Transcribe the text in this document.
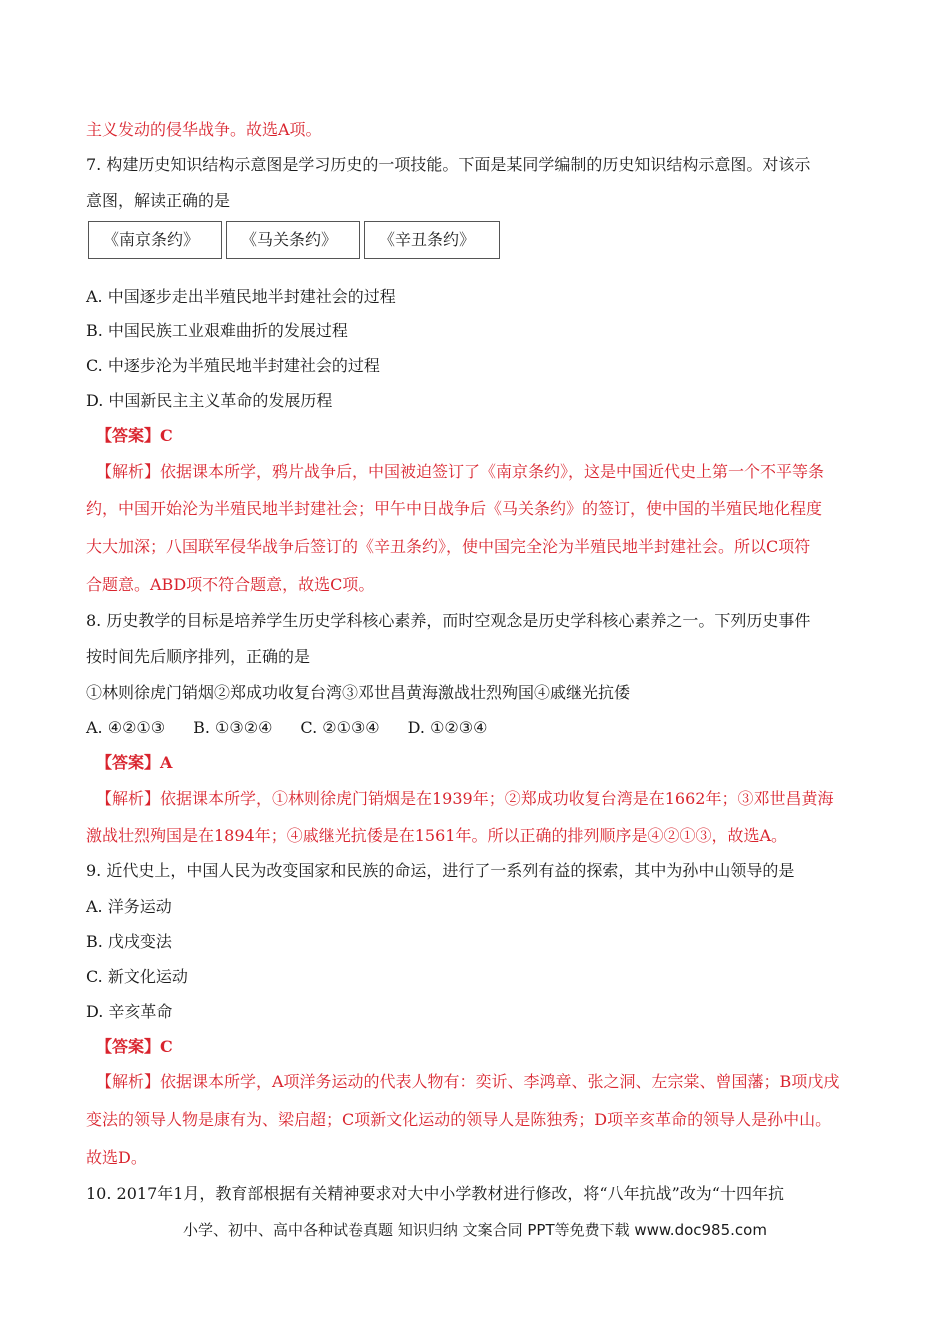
主义发动的侵华战争。故选A项。
7. 构建历史知识结构示意图是学习历史的一项技能。下面是某同学编制的历史知识结构示意图。对该示
意图，解读正确的是
《南京条约》	《马关条约》	《辛丑条约》
A. 中国逐步走出半殖民地半封建社会的过程
B. 中国民族工业艰难曲折的发展过程
C. 中逐步沦为半殖民地半封建社会的过程
D. 中国新民主主义革命的发展历程
【答案】C
【解析】依据课本所学，鸦片战争后，中国被迫签订了《南京条约》，这是中国近代史上第一个不平等条
约，中国开始沦为半殖民地半封建社会；甲午中日战争后《马关条约》的签订，使中国的半殖民地化程度
大大加深；八国联军侵华战争后签订的《辛丑条约》，使中国完全沦为半殖民地半封建社会。所以C项符
合题意。ABD项不符合题意，故选C项。
8. 历史教学的目标是培养学生历史学科核心素养，而时空观念是历史学科核心素养之一。下列历史事件
按时间先后顺序排列，正确的是
①林则徐虎门销烟②郑成功收复台湾③邓世昌黄海激战壮烈殉国④戚继光抗倭
A. ④②①③ B. ①③②④ C. ②①③④ D. ①②③④
【答案】A
【解析】依据课本所学，①林则徐虎门销烟是在1939年；②郑成功收复台湾是在1662年；③邓世昌黄海
激战壮烈殉国是在1894年；④戚继光抗倭是在1561年。所以正确的排列顺序是④②①③，故选A。
9. 近代史上，中国人民为改变国家和民族的命运，进行了一系列有益的探索，其中为孙中山领导的是
A. 洋务运动
B. 戊戌变法
C. 新文化运动
D. 辛亥革命
【答案】C
【解析】依据课本所学，A项洋务运动的代表人物有：奕䜣、李鸿章、张之洞、左宗棠、曾国藩；B项戊戌
变法的领导人物是康有为、梁启超；C项新文化运动的领导人是陈独秀；D项辛亥革命的领导人是孙中山。
故选D。
10. 2017年1月，教育部根据有关精神要求对大中小学教材进行修改，将“八年抗战”改为“十四年抗
小学、初中、高中各种试卷真题 知识归纳 文案合同 PPT等免费下载 www.doc985.com
